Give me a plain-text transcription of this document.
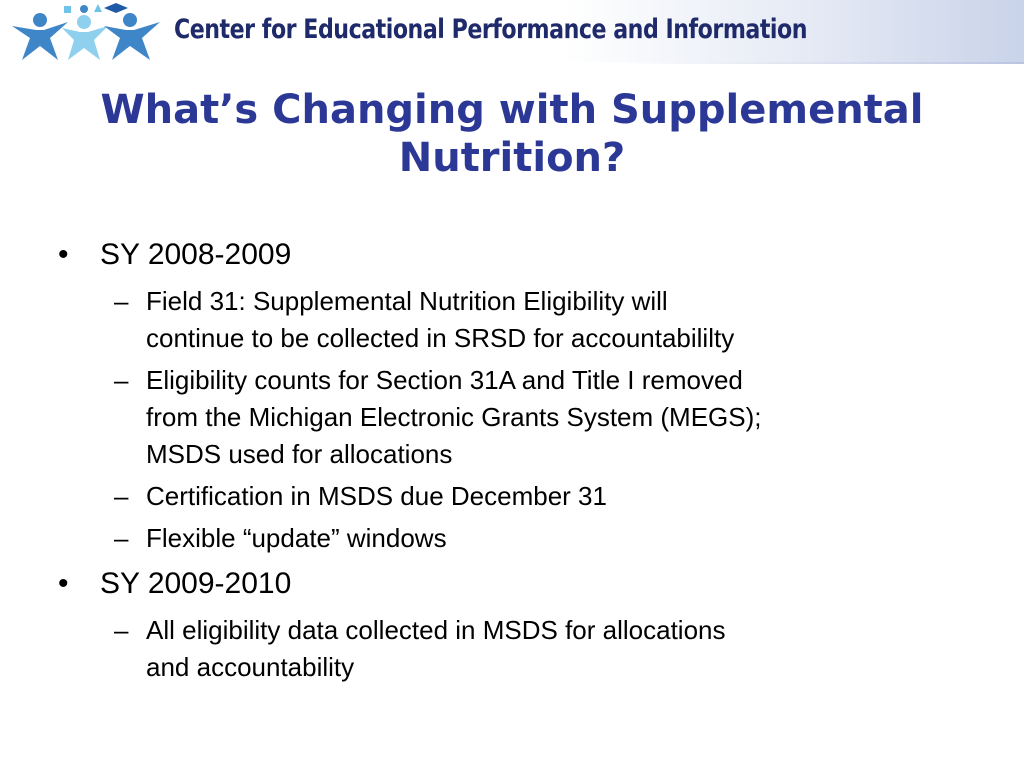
Center for Educational Performance and Information
What’s Changing with Supplemental
Nutrition?
•	SY 2008-2009
– Field 31: Supplemental Nutrition Eligibility will
continue to be collected in SRSD for accountabililty
– Eligibility counts for Section 31A and Title I removed
from the Michigan Electronic Grants System (MEGS);
MSDS used for allocations
– Certification in MSDS due December 31
– Flexible “update” windows
•	SY 2009-2010
– All eligibility data collected in MSDS for allocations
and accountability
